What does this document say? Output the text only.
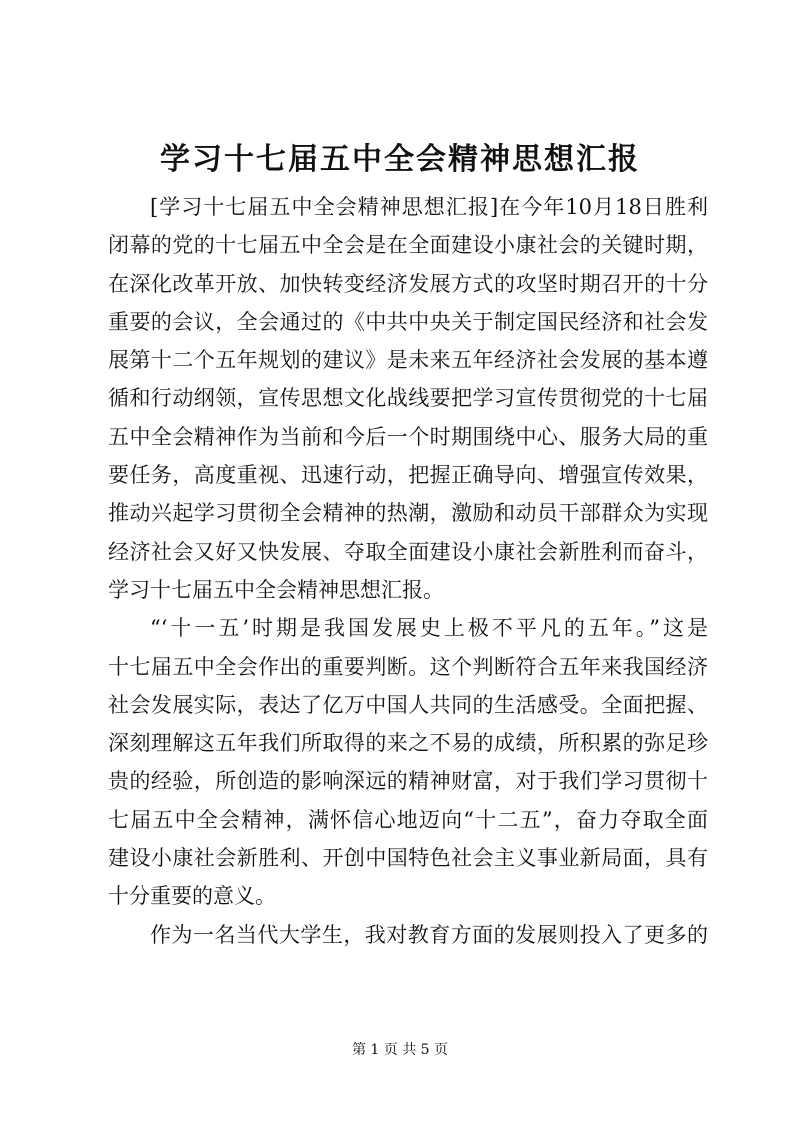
学习十七届五中全会精神思想汇报
[学习十七届五中全会精神思想汇报]在今年10月18日胜利
闭幕的党的十七届五中全会是在全面建设小康社会的关键时期，
在深化改革开放、加快转变经济发展方式的攻坚时期召开的十分
重要的会议，全会通过的《中共中央关于制定国民经济和社会发
展第十二个五年规划的建议》是未来五年经济社会发展的基本遵
循和行动纲领，宣传思想文化战线要把学习宣传贯彻党的十七届
五中全会精神作为当前和今后一个时期围绕中心、服务大局的重
要任务，高度重视、迅速行动，把握正确导向、增强宣传效果，
推动兴起学习贯彻全会精神的热潮，激励和动员干部群众为实现
经济社会又好又快发展、夺取全面建设小康社会新胜利而奋斗，
学习十七届五中全会精神思想汇报。
“‘十一五’时期是我国发展史上极不平凡的五年。”这是
十七届五中全会作出的重要判断。这个判断符合五年来我国经济
社会发展实际，表达了亿万中国人共同的生活感受。全面把握、
深刻理解这五年我们所取得的来之不易的成绩，所积累的弥足珍
贵的经验，所创造的影响深远的精神财富，对于我们学习贯彻十
七届五中全会精神，满怀信心地迈向“十二五”，奋力夺取全面
建设小康社会新胜利、开创中国特色社会主义事业新局面，具有
十分重要的意义。
作为一名当代大学生，我对教育方面的发展则投入了更多的
第 1 页 共 5 页
